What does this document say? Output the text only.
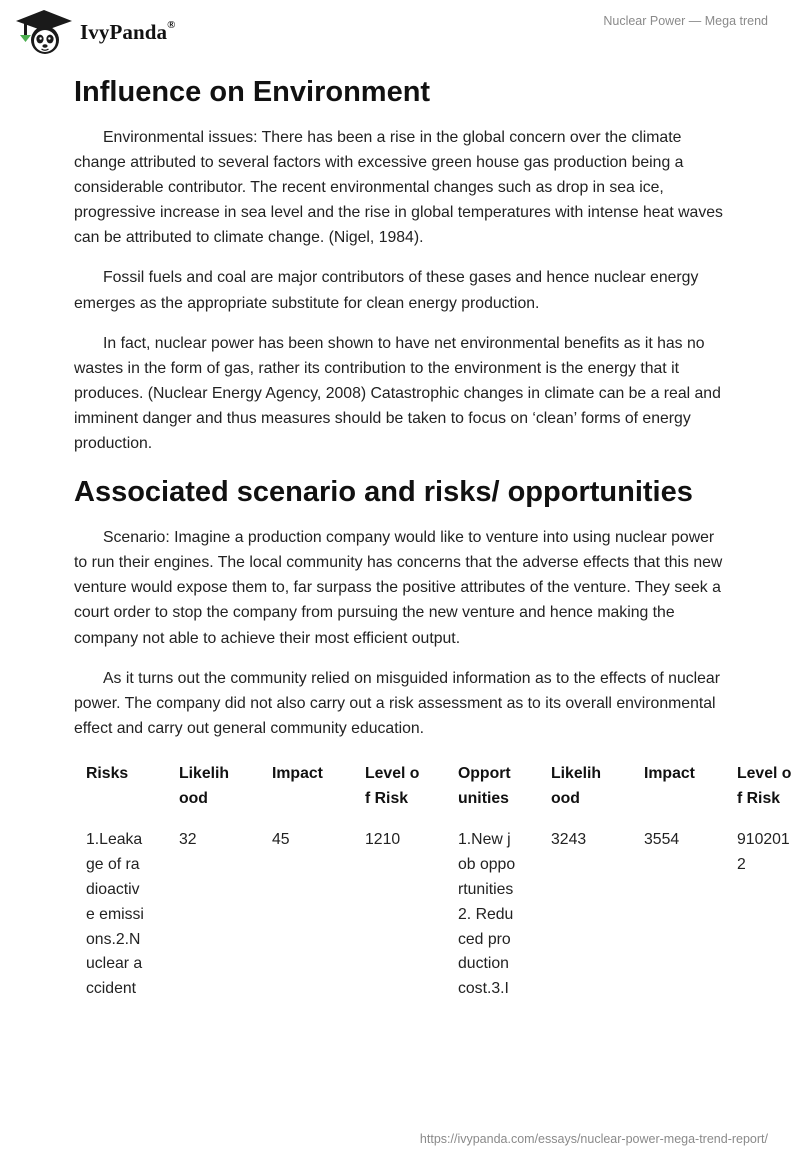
IvyPanda®	Nuclear Power — Mega trend
Influence on Environment

Environmental issues: There has been a rise in the global concern over the climate change attributed to several factors with excessive green house gas production being a considerable contributor. The recent environmental changes such as drop in sea ice, progressive increase in sea level and the rise in global temperatures with intense heat waves can be attributed to climate change. (Nigel, 1984).

Fossil fuels and coal are major contributors of these gases and hence nuclear energy emerges as the appropriate substitute for clean energy production.

In fact, nuclear power has been shown to have net environmental benefits as it has no wastes in the form of gas, rather its contribution to the environment is the energy that it produces. (Nuclear Energy Agency, 2008) Catastrophic changes in climate can be a real and imminent danger and thus measures should be taken to focus on ‘clean’ forms of energy production.

Associated scenario and risks/ opportunities

Scenario: Imagine a production company would like to venture into using nuclear power to run their engines. The local community has concerns that the adverse effects that this new venture would expose them to, far surpass the positive attributes of the venture. They seek a court order to stop the company from pursuing the new venture and hence making the company not able to achieve their most efficient output.

As it turns out the community relied on misguided information as to the effects of nuclear power. The company did not also carry out a risk assessment as to its overall environmental effect and carry out general community education.

Risks	Likelihood	Impact	Level of Risk	Opportunities	Likelihood	Impact	Level of Risk

1.Leakage of radioactive emissions.2.Nuclear accident	32	45	1210	1.New job opportunities2. Reduced production cost.3.I	3243	3554	9102012
https://ivypanda.com/essays/nuclear-power-mega-trend-report/
